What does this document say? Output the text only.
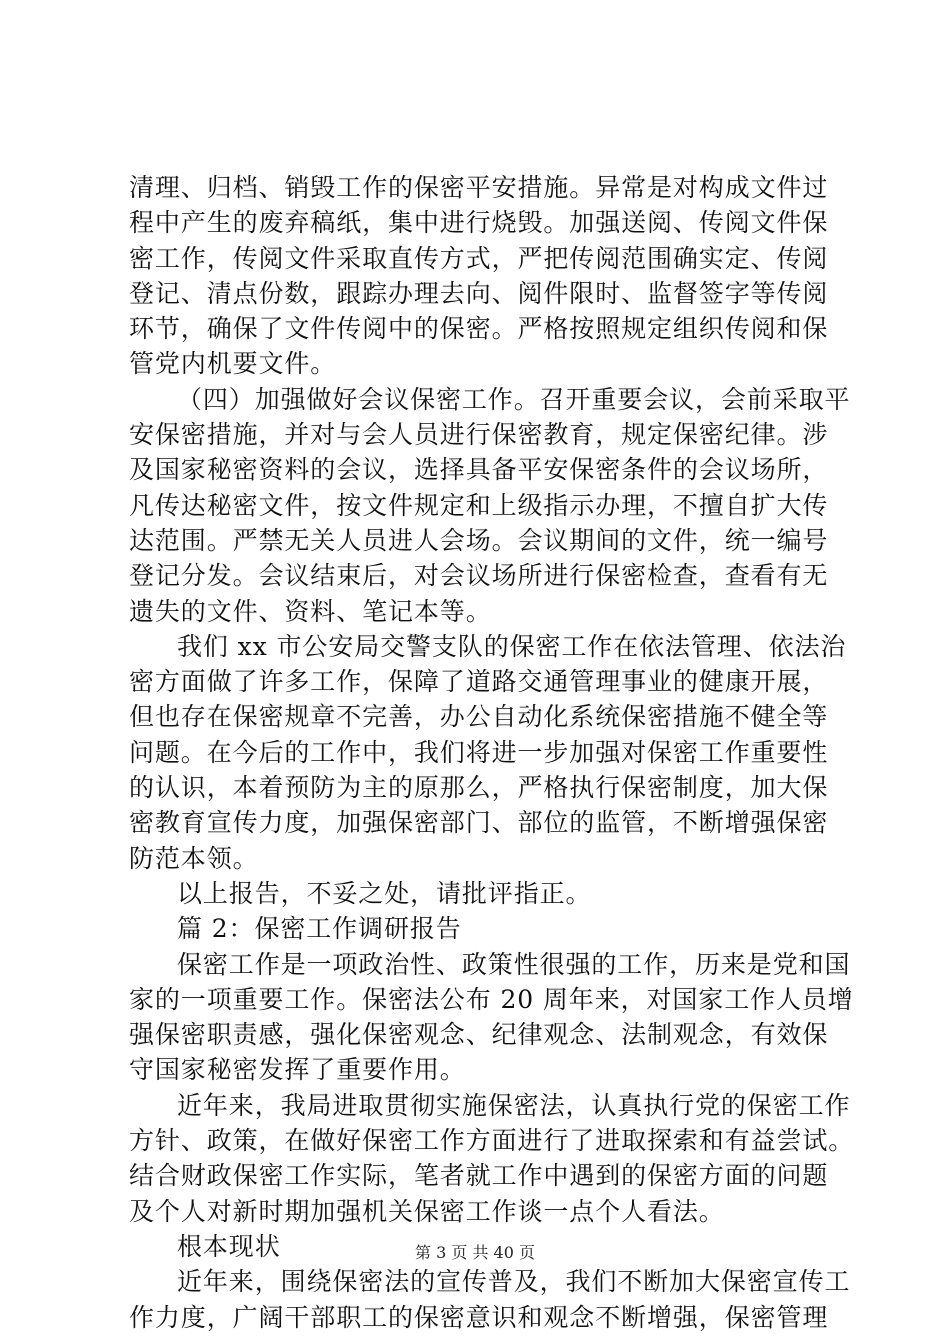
清理、归档、销毁工作的保密平安措施。异常是对构成文件过
程中产生的废弃稿纸，集中进行烧毁。加强送阅、传阅文件保
密工作，传阅文件采取直传方式，严把传阅范围确实定、传阅
登记、清点份数，跟踪办理去向、阅件限时、监督签字等传阅
环节，确保了文件传阅中的保密。严格按照规定组织传阅和保
管党内机要文件。
（四）加强做好会议保密工作。召开重要会议，会前采取平
安保密措施，并对与会人员进行保密教育，规定保密纪律。涉
及国家秘密资料的会议，选择具备平安保密条件的会议场所，
凡传达秘密文件，按文件规定和上级指示办理，不擅自扩大传
达范围。严禁无关人员进人会场。会议期间的文件，统一编号
登记分发。会议结束后，对会议场所进行保密检查，查看有无
遗失的文件、资料、笔记本等。
我们 xx 市公安局交警支队的保密工作在依法管理、依法治
密方面做了许多工作，保障了道路交通管理事业的健康开展，
但也存在保密规章不完善，办公自动化系统保密措施不健全等
问题。在今后的工作中，我们将进一步加强对保密工作重要性
的认识，本着预防为主的原那么，严格执行保密制度，加大保
密教育宣传力度，加强保密部门、部位的监管，不断增强保密
防范本领。
以上报告，不妥之处，请批评指正。
篇 2：保密工作调研报告
保密工作是一项政治性、政策性很强的工作，历来是党和国
家的一项重要工作。保密法公布 20 周年来，对国家工作人员增
强保密职责感，强化保密观念、纪律观念、法制观念，有效保
守国家秘密发挥了重要作用。
近年来，我局进取贯彻实施保密法，认真执行党的保密工作
方针、政策，在做好保密工作方面进行了进取探索和有益尝试。
结合财政保密工作实际，笔者就工作中遇到的保密方面的问题
及个人对新时期加强机关保密工作谈一点个人看法。
根本现状
近年来，围绕保密法的宣传普及，我们不断加大保密宣传工
作力度，广阔干部职工的保密意识和观念不断增强，保密管理
第 3 页 共 40 页
